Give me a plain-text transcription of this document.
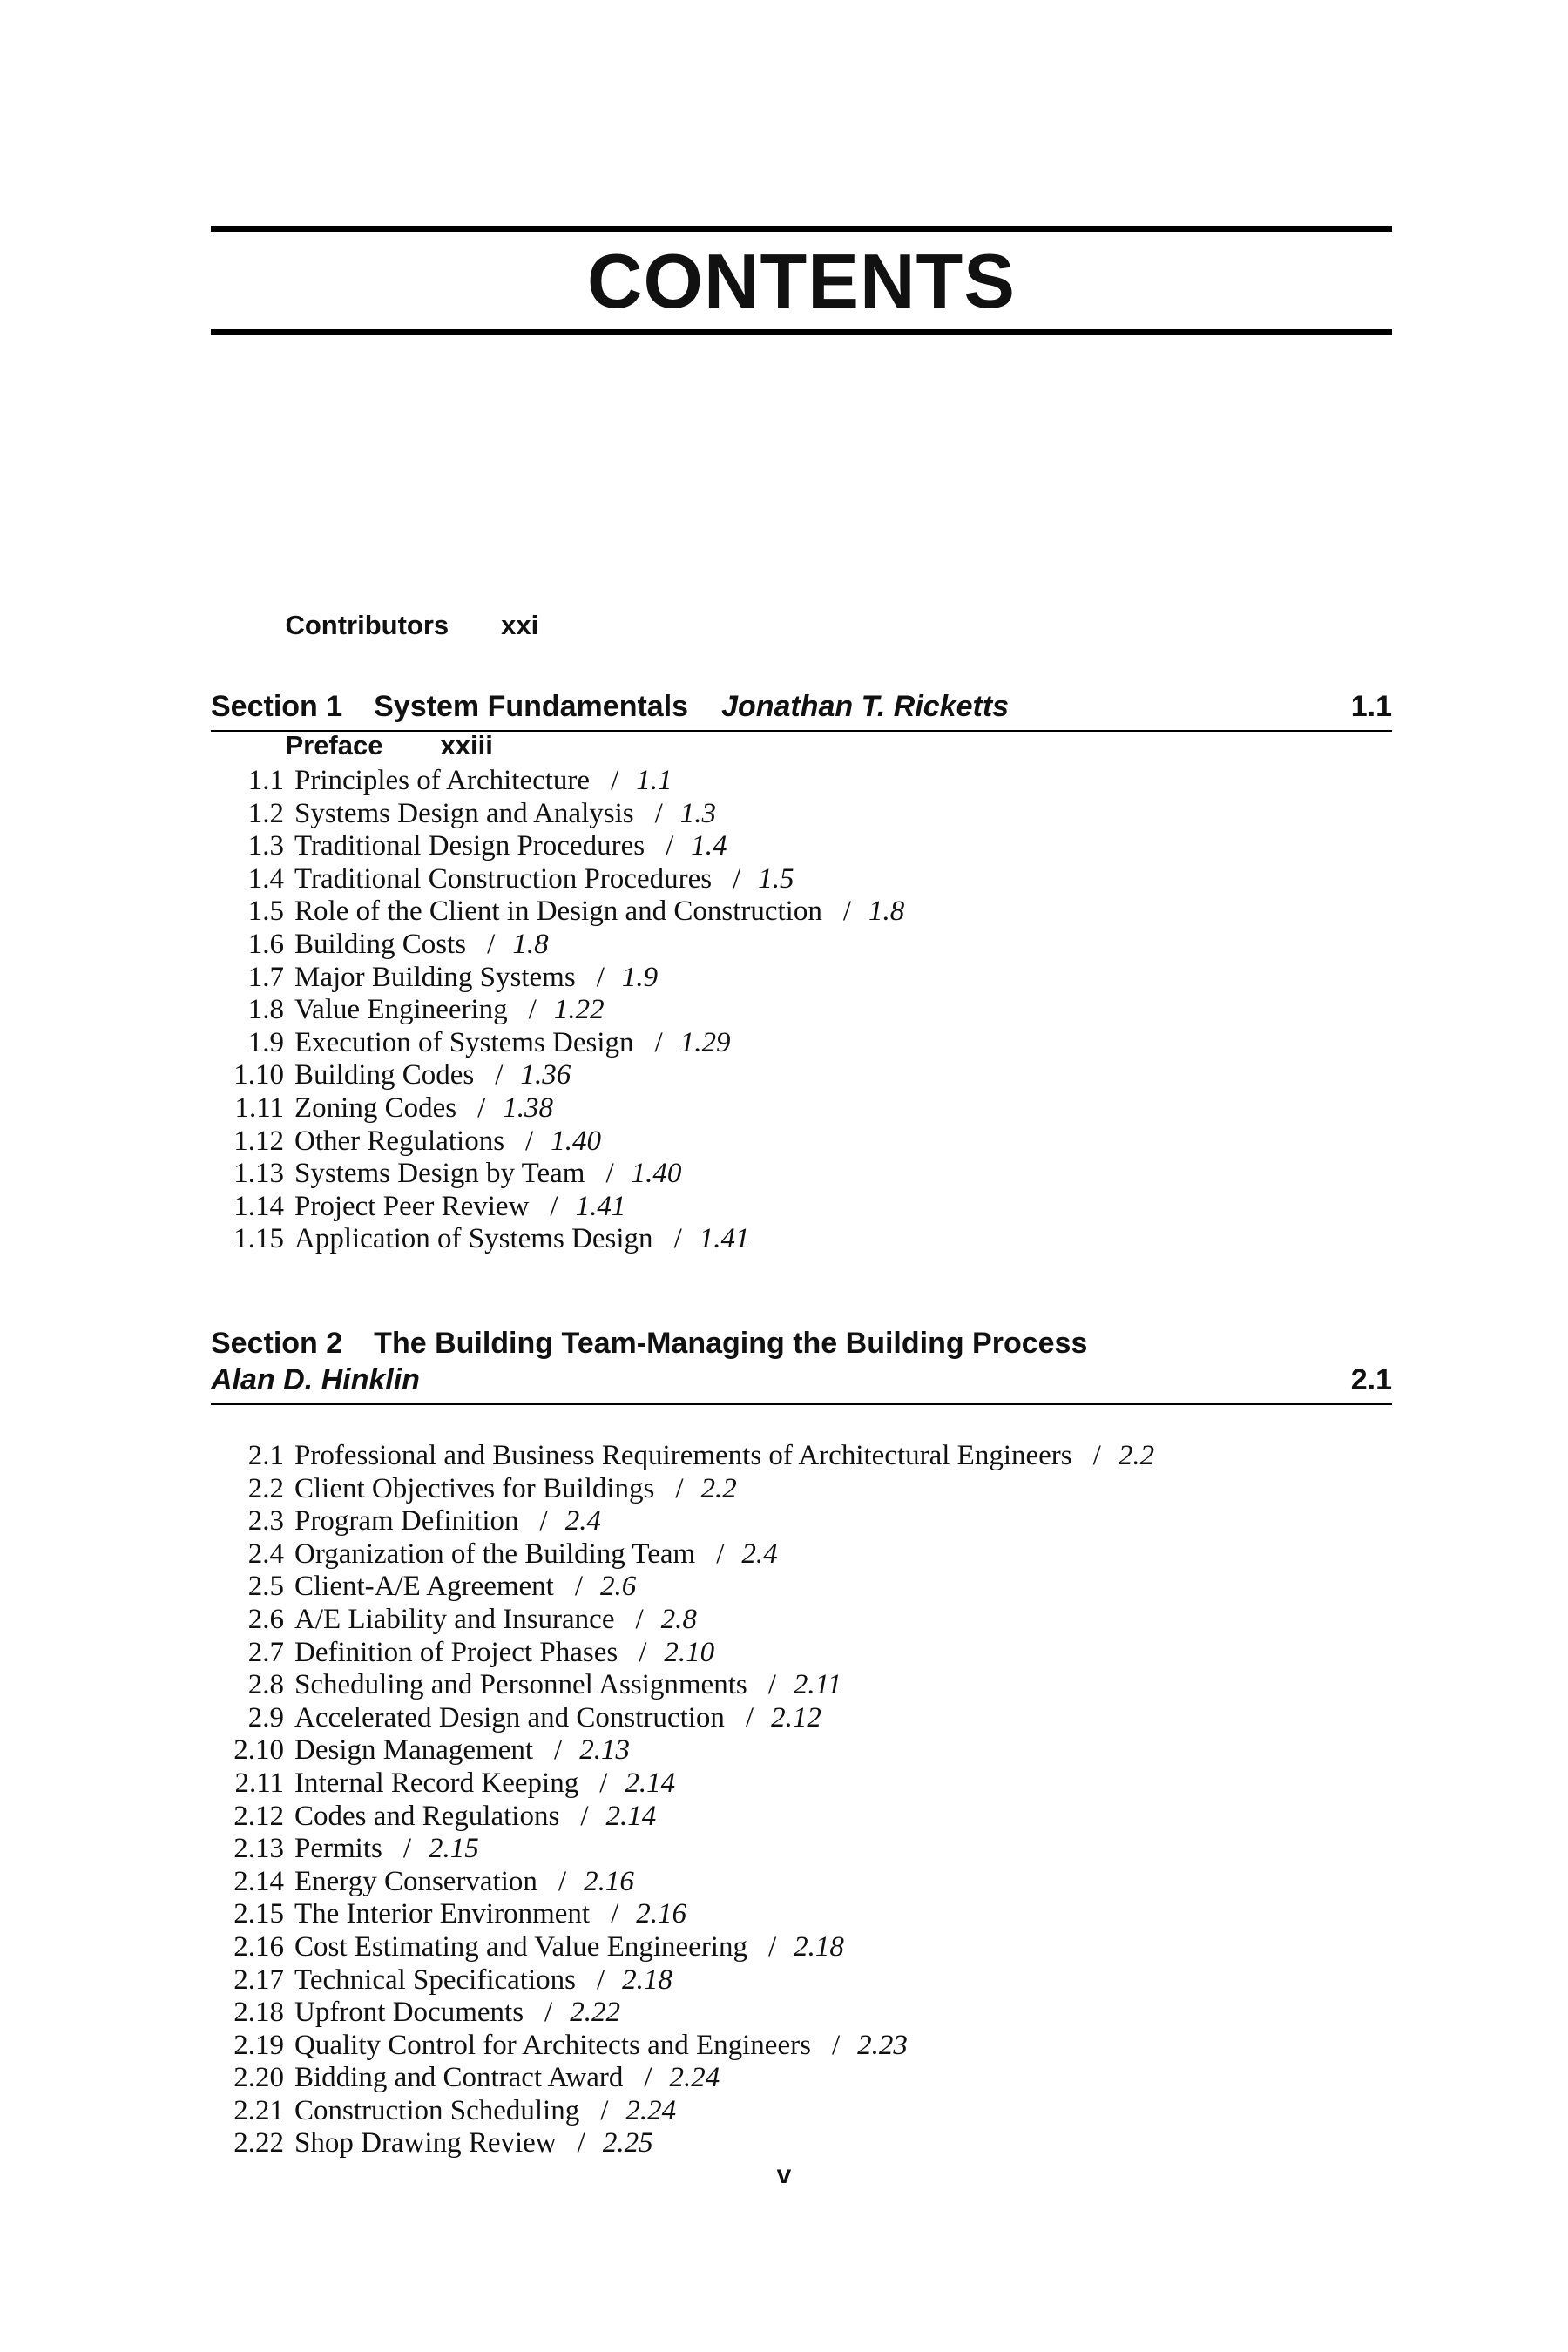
CONTENTS

Contributors xxi

Preface xxiii

Section 1 System Fundamentals Jonathan T. Ricketts	1.1
1.1 Principles of Architecture / 1.1
1.2 Systems Design and Analysis / 1.3
1.3 Traditional Design Procedures / 1.4
1.4 Traditional Construction Procedures / 1.5
1.5 Role of the Client in Design and Construction / 1.8
1.6 Building Costs / 1.8
1.7 Major Building Systems / 1.9
1.8 Value Engineering / 1.22
1.9 Execution of Systems Design / 1.29
1.10 Building Codes / 1.36
1.11 Zoning Codes / 1.38
1.12 Other Regulations / 1.40
1.13 Systems Design by Team / 1.40
1.14 Project Peer Review / 1.41
1.15 Application of Systems Design / 1.41
Section 2 The Building Team-Managing the Building Process
Alan D. Hinklin	2.1
2.1 Professional and Business Requirements of Architectural Engineers / 2.2
2.2 Client Objectives for Buildings / 2.2
2.3 Program Definition / 2.4
2.4 Organization of the Building Team / 2.4
2.5 Client-A/E Agreement / 2.6
2.6 A/E Liability and Insurance / 2.8
2.7 Definition of Project Phases / 2.10
2.8 Scheduling and Personnel Assignments / 2.11
2.9 Accelerated Design and Construction / 2.12
2.10 Design Management / 2.13
2.11 Internal Record Keeping / 2.14
2.12 Codes and Regulations / 2.14
2.13 Permits / 2.15
2.14 Energy Conservation / 2.16
2.15 The Interior Environment / 2.16
2.16 Cost Estimating and Value Engineering / 2.18
2.17 Technical Specifications / 2.18
2.18 Upfront Documents / 2.22
2.19 Quality Control for Architects and Engineers / 2.23
2.20 Bidding and Contract Award / 2.24
2.21 Construction Scheduling / 2.24
2.22 Shop Drawing Review / 2.25
v
